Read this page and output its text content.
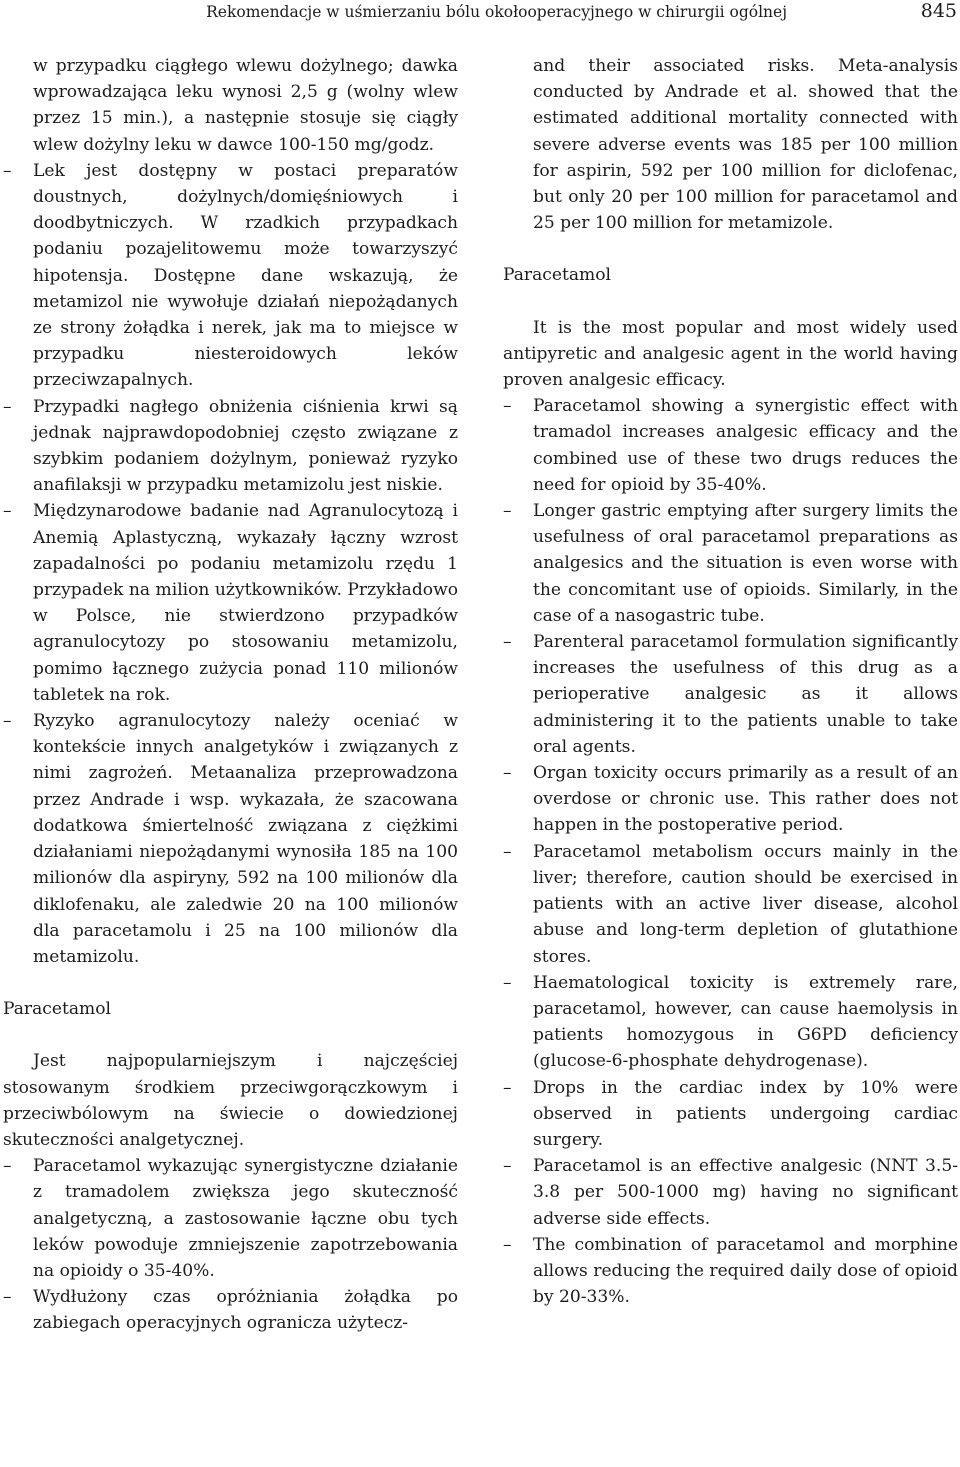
Rekomendacje w uśmierzaniu bólu okołooperacyjnego w chirurgii ogólnej	845

w przypadku ciągłego wlewu dożylnego; dawka wprowadzająca leku wynosi 2,5 g (wolny wlew przez 15 min.), a następnie stosuje się ciągły wlew dożylny leku w dawce 100-150 mg/godz.

–	Lek jest dostępny w postaci preparatów doustnych, dożylnych/domięśniowych i doodbytniczych. W rzadkich przypadkach podaniu pozajelitowemu może towarzyszyć hipotensja. Dostępne dane wskazują, że metamizol nie wywołuje działań niepożądanych ze strony żołądka i nerek, jak ma to miejsce w przypadku niesteroidowych leków przeciwzapalnych.
–	Przypadki nagłego obniżenia ciśnienia krwi są jednak najprawdopodobniej często związane z szybkim podaniem dożylnym, ponieważ ryzyko anafilaksji w przypadku metamizolu jest niskie.
–	Międzynarodowe badanie nad Agranulocytozą i Anemią Aplastyczną, wykazały łączny wzrost zapadalności po podaniu metamizolu rzędu 1 przypadek na milion użytkowników. Przykładowo w Polsce, nie stwierdzono przypadków agranulocytozy po stosowaniu metamizolu, pomimo łącznego zużycia ponad 110 milionów tabletek na rok.
–	Ryzyko agranulocytozy należy oceniać w kontekście innych analgetyków i związanych z nimi zagrożeń. Metaanaliza przeprowadzona przez Andrade i wsp. wykazała, że szacowana dodatkowa śmiertelność związana z ciężkimi działaniami niepożądanymi wynosiła 185 na 100 milionów dla aspiryny, 592 na 100 milionów dla diklofenaku, ale zaledwie 20 na 100 milionów dla paracetamolu i 25 na 100 milionów dla metamizolu.

Paracetamol

Jest najpopularniejszym i najczęściej stosowanym środkiem przeciwgorączkowym i przeciwbólowym na świecie o dowiedzionej skuteczności analgetycznej.

–	Paracetamol wykazując synergistyczne działanie z tramadolem zwiększa jego skuteczność analgetyczną, a zastosowanie łączne obu tych leków powoduje zmniejszenie zapotrzebowania na opioidy o 35-40%.
–	Wydłużony czas opróżniania żołądka po zabiegach operacyjnych ogranicza użytecz-

and their associated risks. Meta-analysis conducted by Andrade et al. showed that the estimated additional mortality connected with severe adverse events was 185 per 100 million for aspirin, 592 per 100 million for diclofenac, but only 20 per 100 million for paracetamol and 25 per 100 million for metamizole.

Paracetamol

It is the most popular and most widely used antipyretic and analgesic agent in the world having proven analgesic efficacy.

–	Paracetamol showing a synergistic effect with tramadol increases analgesic efficacy and the combined use of these two drugs reduces the need for opioid by 35-40%.
–	Longer gastric emptying after surgery limits the usefulness of oral paracetamol preparations as analgesics and the situation is even worse with the concomitant use of opioids. Similarly, in the case of a nasogastric tube.
–	Parenteral paracetamol formulation significantly increases the usefulness of this drug as a perioperative analgesic as it allows administering it to the patients unable to take oral agents.
–	Organ toxicity occurs primarily as a result of an overdose or chronic use. This rather does not happen in the postoperative period.
–	Paracetamol metabolism occurs mainly in the liver; therefore, caution should be exercised in patients with an active liver disease, alcohol abuse and long-term depletion of glutathione stores.
–	Haematological toxicity is extremely rare, paracetamol, however, can cause haemolysis in patients homozygous in G6PD deficiency (glucose-6-phosphate dehydrogenase).
–	Drops in the cardiac index by 10% were observed in patients undergoing cardiac surgery.
–	Paracetamol is an effective analgesic (NNT 3.5-3.8 per 500-1000 mg) having no significant adverse side effects.
–	The combination of paracetamol and morphine allows reducing the required daily dose of opioid by 20-33%.
